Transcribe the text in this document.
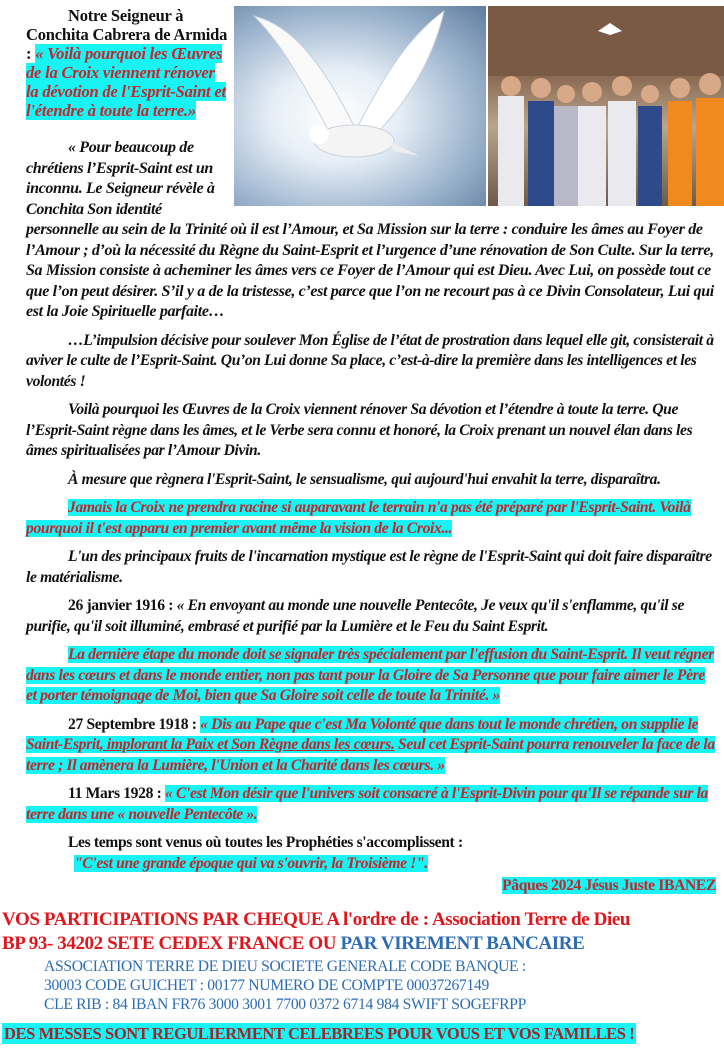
Notre Seigneur à Conchita Cabrera de Armida : « Voilà pourquoi les Œuvres de la Croix viennent rénover la dévotion de l'Esprit-Saint et l'étendre à toute la terre.»

« Pour beaucoup de chrétiens l’Esprit-Saint est un inconnu. Le Seigneur révèle à Conchita Son identité personnelle au sein de la Trinité où il est l’Amour, et Sa Mission sur la terre : conduire les âmes au Foyer de l’Amour ; d’où la nécessité du Règne du Saint-Esprit et l’urgence d’une rénovation de Son Culte. Sur la terre, Sa Mission consiste à acheminer les âmes vers ce Foyer de l’Amour qui est Dieu. Avec Lui, on possède tout ce que l’on peut désirer. S’il y a de la tristesse, c’est parce que l’on ne recourt pas à ce Divin Consolateur, Lui qui est la Joie Spirituelle parfaite…

…L’impulsion décisive pour soulever Mon Église de l’état de prostration dans lequel elle git, consisterait à aviver le culte de l’Esprit-Saint. Qu’on Lui donne Sa place, c’est-à-dire la première dans les intelligences et les volontés !

Voilà pourquoi les Œuvres de la Croix viennent rénover Sa dévotion et l’étendre à toute la terre. Que l’Esprit-Saint règne dans les âmes, et le Verbe sera connu et honoré, la Croix prenant un nouvel élan dans les âmes spiritualisées par l’Amour Divin.

À mesure que règnera l'Esprit-Saint, le sensualisme, qui aujourd'hui envahit la terre, disparaîtra.

Jamais la Croix ne prendra racine si auparavant le terrain n'a pas été préparé par l'Esprit-Saint. Voilà pourquoi il t'est apparu en premier avant même la vision de la Croix...

L'un des principaux fruits de l'incarnation mystique est le règne de l'Esprit-Saint qui doit faire disparaître le matérialisme.

26 janvier 1916 : « En envoyant au monde une nouvelle Pentecôte, Je veux qu'il s'enflamme, qu'il se purifie, qu'il soit illuminé, embrasé et purifié par la Lumière et le Feu du Saint Esprit.

La dernière étape du monde doit se signaler très spécialement par l'effusion du Saint-Esprit. Il veut régner dans les cœurs et dans le monde entier, non pas tant pour la Gloire de Sa Personne que pour faire aimer le Père et porter témoignage de Moi, bien que Sa Gloire soit celle de toute la Trinité. »

27 Septembre 1918 : « Dis au Pape que c'est Ma Volonté que dans tout le monde chrétien, on supplie le Saint-Esprit, implorant la Paix et Son Règne dans les cœurs. Seul cet Esprit-Saint pourra renouveler la face de la terre ; Il amènera la Lumière, l'Union et la Charité dans les cœurs. »

11 Mars 1928 : « C'est Mon désir que l'univers soit consacré à l'Esprit-Divin pour qu'Il se répande sur la terre dans une « nouvelle Pentecôte ».

Les temps sont venus où toutes les Prophéties s'accomplissent :

"C'est une grande époque qui va s'ouvrir, la Troisième !".

Pâques 2024 Jésus Juste IBANEZ

VOS PARTICIPATIONS PAR CHEQUE A l'ordre de : Association Terre de Dieu

BP 93- 34202 SETE CEDEX FRANCE OU PAR VIREMENT BANCAIRE

ASSOCIATION TERRE DE DIEU SOCIETE GENERALE CODE BANQUE :
30003 CODE GUICHET : 00177 NUMERO DE COMPTE 00037267149
CLE RIB : 84 IBAN FR76 3000 3001 7700 0372 6714 984 SWIFT SOGEFRPP

DES MESSES SONT REGULIERMENT CELEBREES POUR VOUS ET VOS FAMILLES !
